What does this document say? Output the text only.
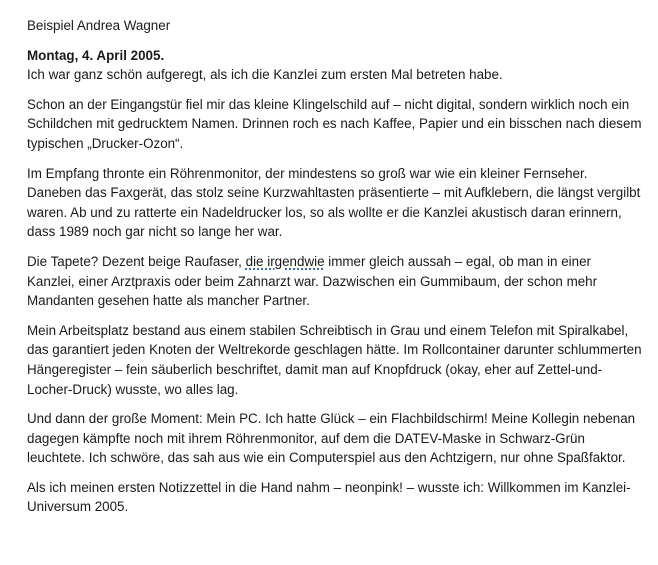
Beispiel Andrea Wagner

Montag, 4. April 2005.
Ich war ganz schön aufgeregt, als ich die Kanzlei zum ersten Mal betreten habe.

Schon an der Eingangstür fiel mir das kleine Klingelschild auf – nicht digital, sondern wirklich noch ein Schildchen mit gedrucktem Namen. Drinnen roch es nach Kaffee, Papier und ein bisschen nach diesem typischen „Drucker-Ozon“.

Im Empfang thronte ein Röhrenmonitor, der mindestens so groß war wie ein kleiner Fernseher. Daneben das Faxgerät, das stolz seine Kurzwahltasten präsentierte – mit Aufklebern, die längst vergilbt waren. Ab und zu ratterte ein Nadeldrucker los, so als wollte er die Kanzlei akustisch daran erinnern, dass 1989 noch gar nicht so lange her war.

Die Tapete? Dezent beige Raufaser, die irgendwie immer gleich aussah – egal, ob man in einer Kanzlei, einer Arztpraxis oder beim Zahnarzt war. Dazwischen ein Gummibaum, der schon mehr Mandanten gesehen hatte als mancher Partner.

Mein Arbeitsplatz bestand aus einem stabilen Schreibtisch in Grau und einem Telefon mit Spiralkabel, das garantiert jeden Knoten der Weltrekorde geschlagen hätte. Im Rollcontainer darunter schlummerten Hängeregister – fein säuberlich beschriftet, damit man auf Knopfdruck (okay, eher auf Zettel-und-Locher-Druck) wusste, wo alles lag.

Und dann der große Moment: Mein PC. Ich hatte Glück – ein Flachbildschirm! Meine Kollegin nebenan dagegen kämpfte noch mit ihrem Röhrenmonitor, auf dem die DATEV-Maske in Schwarz-Grün leuchtete. Ich schwöre, das sah aus wie ein Computerspiel aus den Achtzigern, nur ohne Spaßfaktor.

Als ich meinen ersten Notizzettel in die Hand nahm – neonpink! – wusste ich: Willkommen im Kanzlei-Universum 2005.
